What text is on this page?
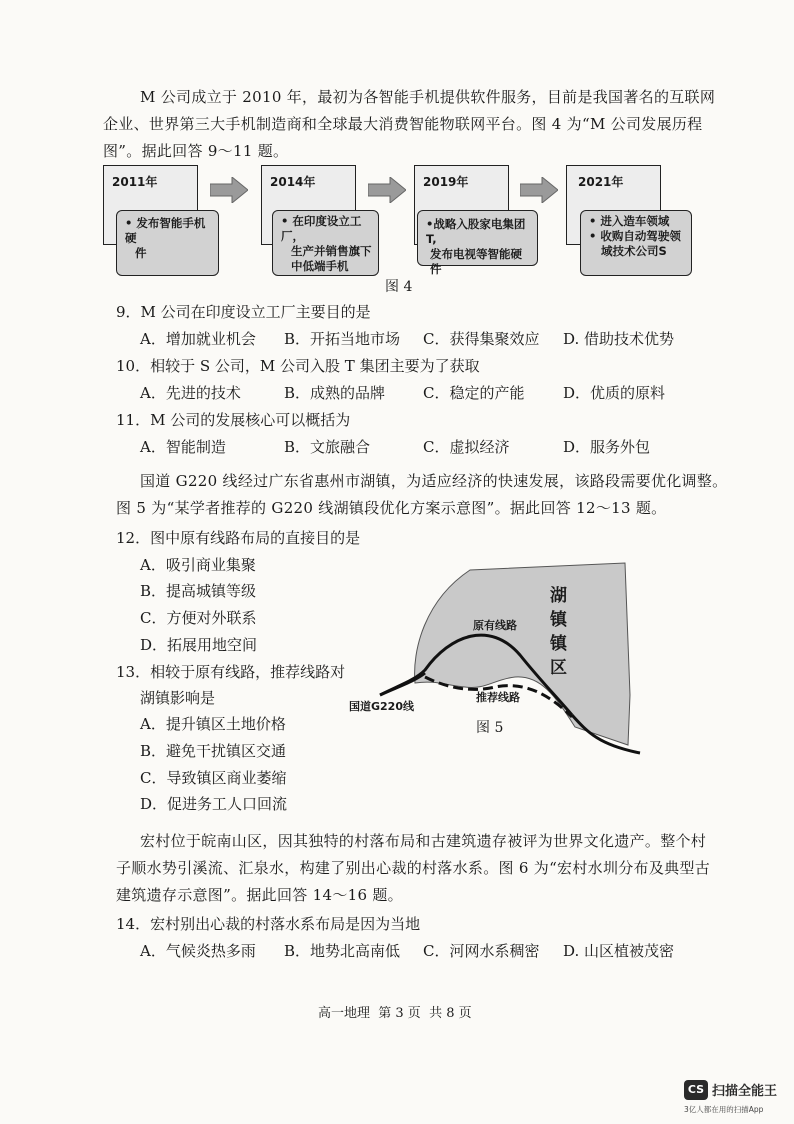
M 公司成立于 2010 年，最初为各智能手机提供软件服务，目前是我国著名的互联网
企业、世界第三大手机制造商和全球最大消费智能物联网平台。图 4 为“M 公司发展历程
图”。据此回答 9～11 题。
2011年
• 发布智能手机硬
件
2014年
• 在印度设立工厂，
生产并销售旗下
中低端手机
2019年
•战略入股家电集团T,
发布电视等智能硬件
2021年
• 进入造车领域
• 收购自动驾驶领
域技术公司S
图 4
9．M 公司在印度设立工厂主要目的是
A．增加就业机会 B．开拓当地市场 C．获得集聚效应 D. 借助技术优势
10．相较于 S 公司，M 公司入股 T 集团主要为了获取
A．先进的技术	B．成熟的品牌	C．稳定的产能	D．优质的原料
11．M 公司的发展核心可以概括为
A．智能制造	B．文旅融合	C．虚拟经济	D．服务外包
国道 G220 线经过广东省惠州市湖镇，为适应经济的快速发展，该路段需要优化调整。
图 5 为“某学者推荐的 G220 线湖镇段优化方案示意图”。据此回答 12～13 题。
12．图中原有线路布局的直接目的是
A．吸引商业集聚
B．提高城镇等级
C．方便对外联系
D．拓展用地空间
13．相较于原有线路，推荐线路对
湖镇影响是
A．提升镇区土地价格
B．避免干扰镇区交通
C．导致镇区商业萎缩
D．促进务工人口回流
湖
镇
镇
区
原有线路
推荐线路
国道G220线
图 5
宏村位于皖南山区，因其独特的村落布局和古建筑遗存被评为世界文化遗产。整个村
子顺水势引溪流、汇泉水，构建了别出心裁的村落水系。图 6 为“宏村水圳分布及典型古
建筑遗存示意图”。据此回答 14～16 题。
14．宏村别出心裁的村落水系布局是因为当地
A．气候炎热多雨 B．地势北高南低 C．河网水系稠密 D. 山区植被茂密
高一地理  第 3 页  共 8 页
CS 扫描全能王
3亿人都在用的扫描App
